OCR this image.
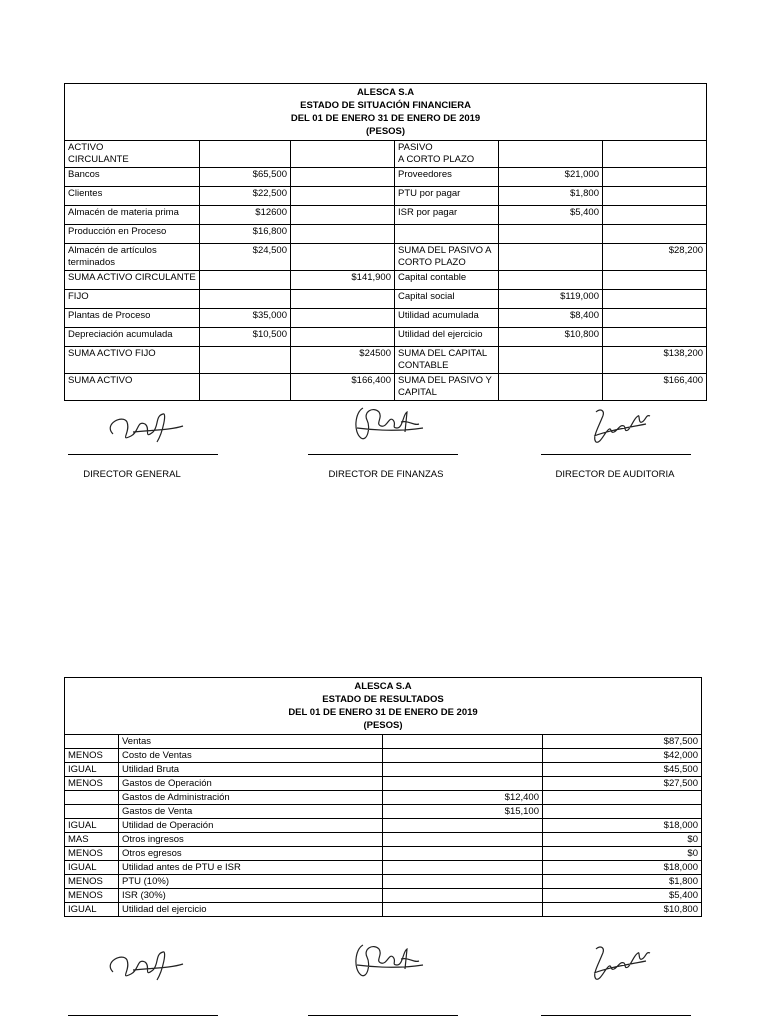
ALESCA S.A
ESTADO DE SITUACIÓN FINANCIERA
DEL 01 DE ENERO 31 DE ENERO DE 2019
(PESOS)					

ACTIVO
CIRCULANTE			PASIVO
A CORTO PLAZO		
Bancos	$65,500		Proveedores	$21,000	
Clientes	$22,500		PTU por pagar	$1,800	
Almacén de materia prima	$12600		ISR por pagar	$5,400	
Producción en Proceso	$16,800				
Almacén de artículos terminados	$24,500		SUMA DEL PASIVO A CORTO PLAZO		$28,200
SUMA ACTIVO CIRCULANTE		$141,900	Capital contable		
FIJO			Capital social	$119,000	
Plantas de Proceso	$35,000		Utilidad acumulada	$8,400	
Depreciación acumulada	$10,500		Utilidad del ejercicio	$10,800	
SUMA ACTIVO FIJO		$24500	SUMA DEL CAPITAL CONTABLE		$138,200
SUMA ACTIVO		$166,400	SUMA DEL PASIVO Y CAPITAL		$166,400
DIRECTOR GENERAL	DIRECTOR DE FINANZAS	DIRECTOR DE AUDITORIA
ALESCA S.A
ESTADO DE RESULTADOS
DEL 01 DE ENERO 31 DE ENERO DE 2019
(PESOS)			

	Ventas		$87,500
MENOS	Costo de Ventas		$42,000
IGUAL	Utilidad Bruta		$45,500
MENOS	Gastos de Operación		$27,500
	Gastos de Administración	$12,400	
	Gastos de Venta	$15,100	
IGUAL	Utilidad de Operación		$18,000
MAS	Otros ingresos		$0
MENOS	Otros egresos		$0
IGUAL	Utilidad antes de PTU e ISR		$18,000
MENOS	PTU (10%)		$1,800
MENOS	ISR (30%)		$5,400
IGUAL	Utilidad del ejercicio		$10,800
